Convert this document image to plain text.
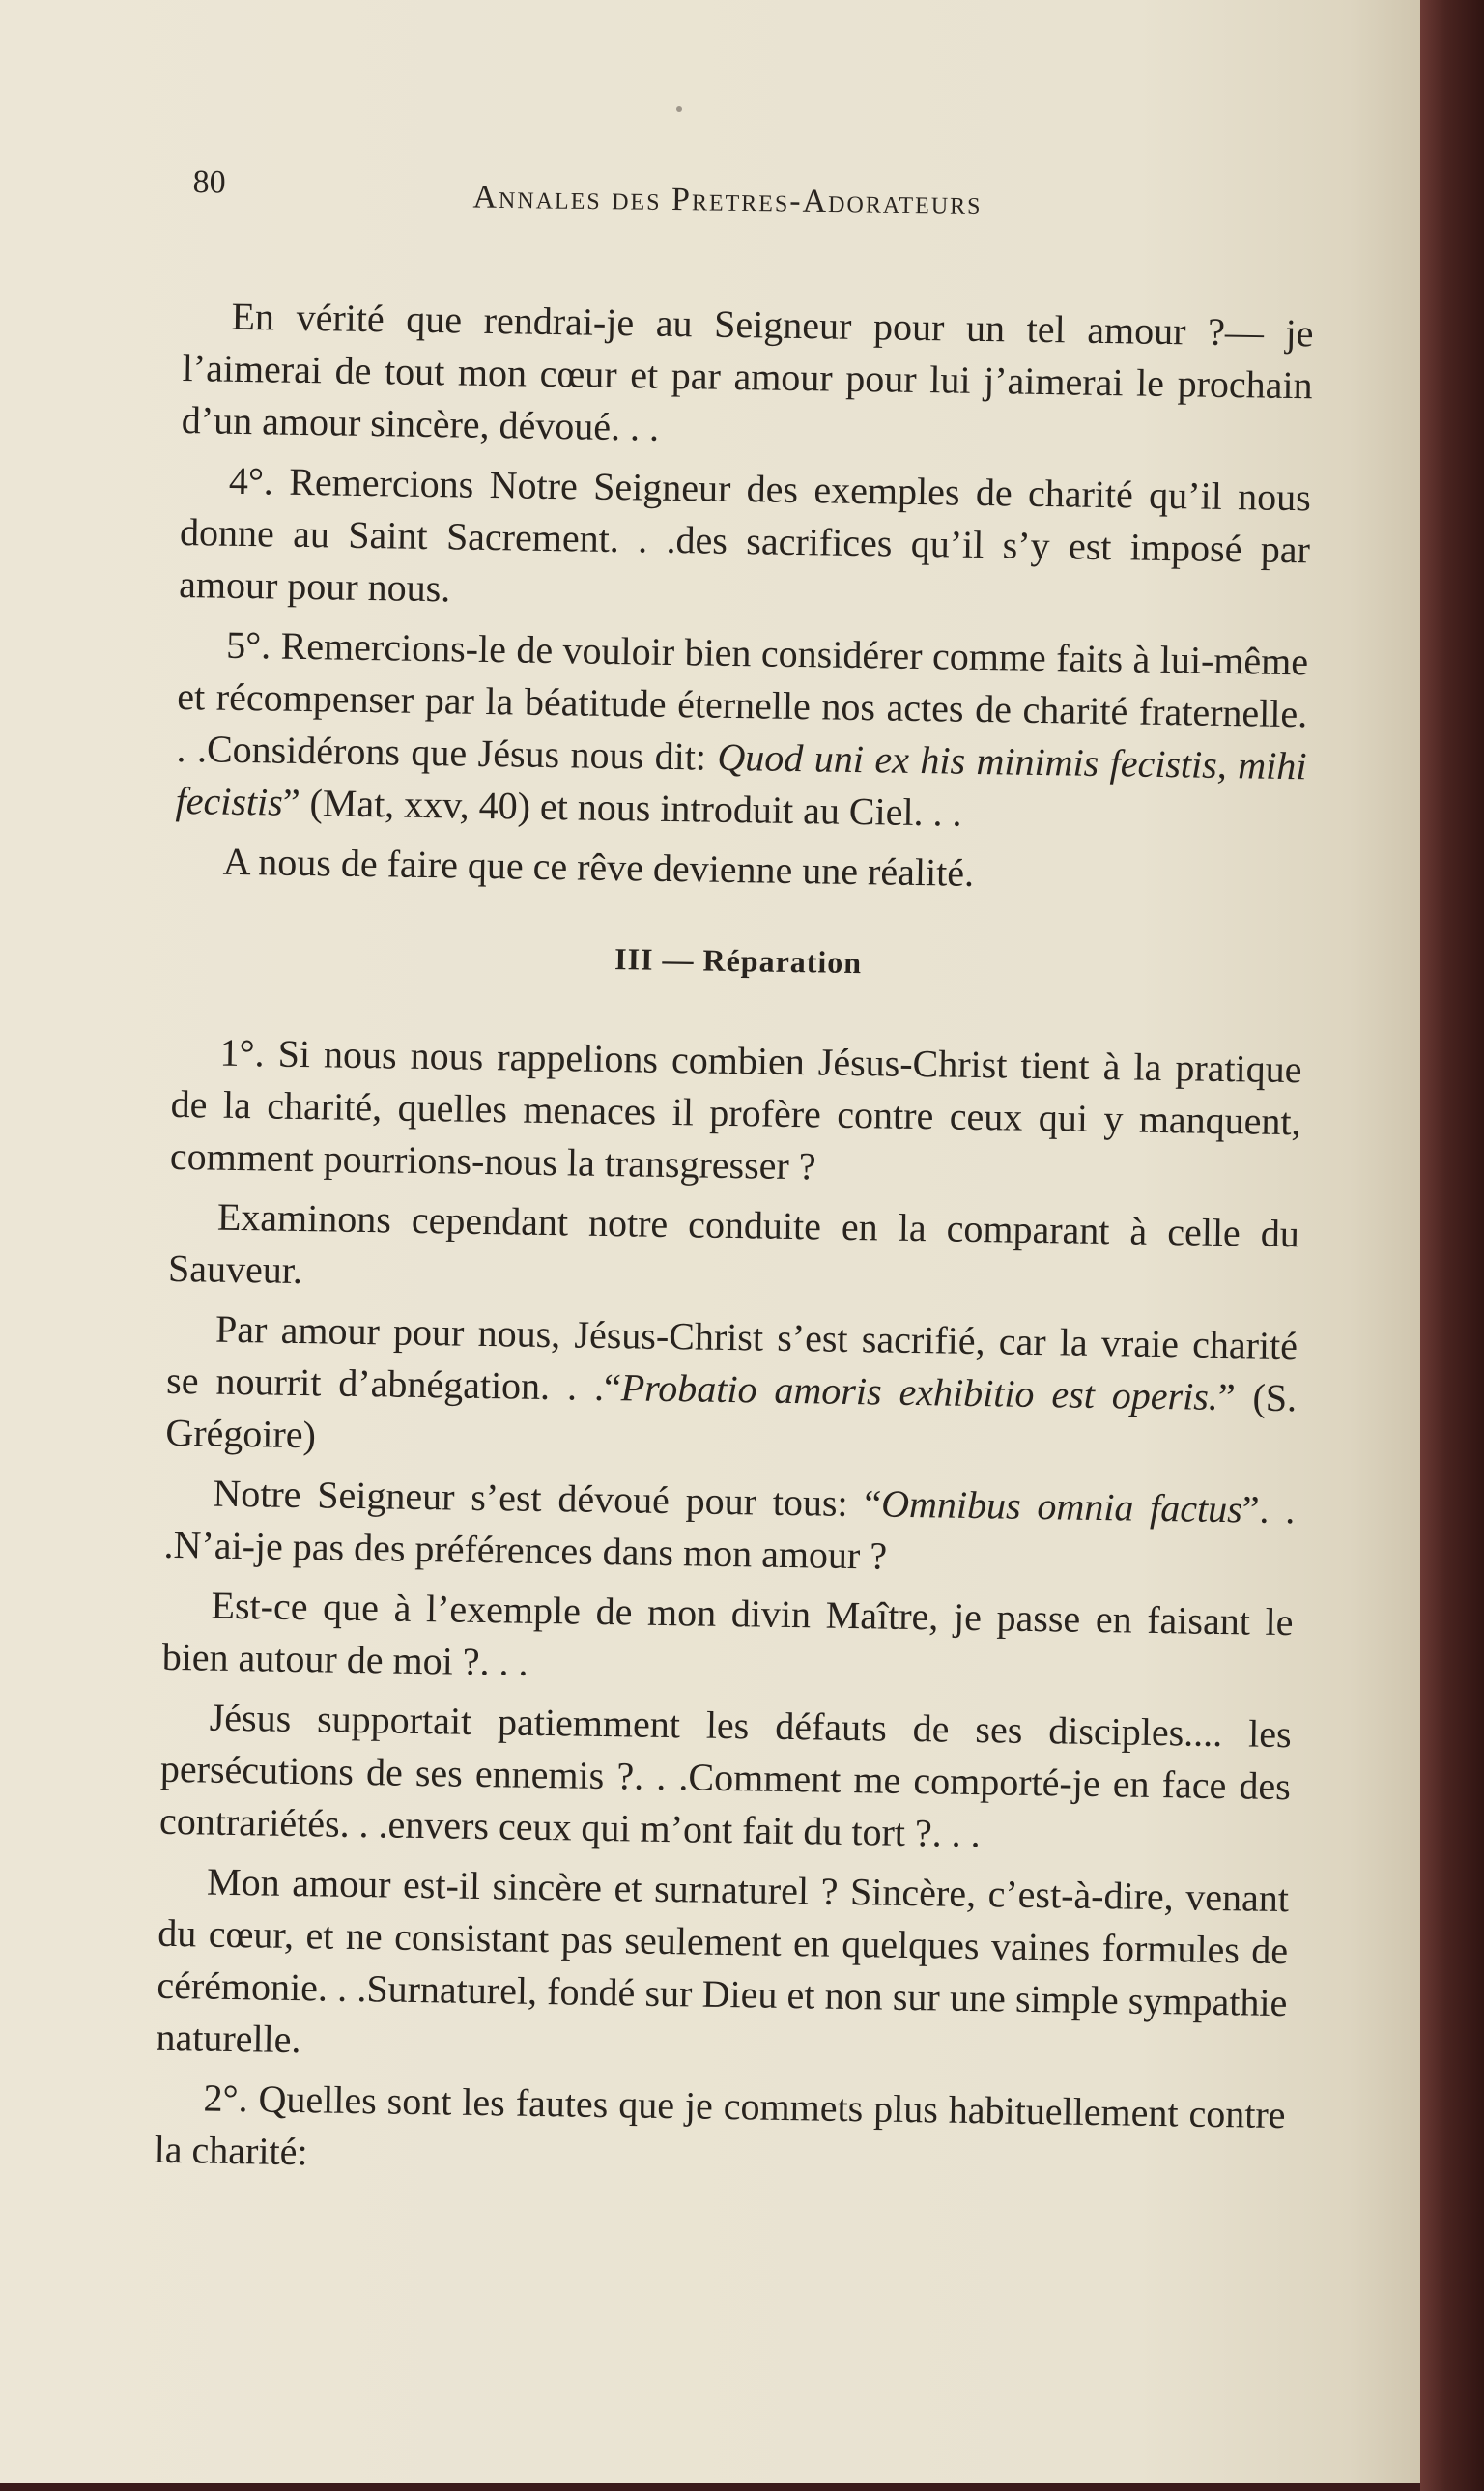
80	Annales des Pretres-Adorateurs

En vérité que rendrai-je au Seigneur pour un tel amour ?— je l’aimerai de tout mon cœur et par amour pour lui j’aimerai le prochain d’un amour sincère, dévoué. . .

4°. Remercions Notre Seigneur des exemples de charité qu’il nous donne au Saint Sacrement. . .des sacrifices qu’il s’y est imposé par amour pour nous.

5°. Remercions-le de vouloir bien considérer comme faits à lui-même et récompenser par la béatitude éternelle nos actes de charité fraternelle. . .Considérons que Jésus nous dit: Quod uni ex his minimis fecistis, mihi fecistis” (Mat, xxv, 40) et nous introduit au Ciel. . .

A nous de faire que ce rêve devienne une réalité.

III — Réparation

1°. Si nous nous rappelions combien Jésus-Christ tient à la pratique de la charité, quelles menaces il profère contre ceux qui y manquent, comment pourrions-nous la transgresser ?

Examinons cependant notre conduite en la comparant à celle du Sauveur.

Par amour pour nous, Jésus-Christ s’est sacrifié, car la vraie charité se nourrit d’abnégation. . .“Probatio amoris exhibitio est operis.” (S. Grégoire)

Notre Seigneur s’est dévoué pour tous: “Omnibus omnia factus”. . .N’ai-je pas des préférences dans mon amour ?

Est-ce que à l’exemple de mon divin Maître, je passe en faisant le bien autour de moi ?. . .

Jésus supportait patiemment les défauts de ses disciples.... les persécutions de ses ennemis ?. . .Comment me comporté-je en face des contrariétés. . .envers ceux qui m’ont fait du tort ?. . .

Mon amour est-il sincère et surnaturel ? Sincère, c’est-à-dire, venant du cœur, et ne consistant pas seulement en quelques vaines formules de cérémonie. . .Surnaturel, fondé sur Dieu et non sur une simple sympathie naturelle.

2°. Quelles sont les fautes que je commets plus habituellement contre la charité:
